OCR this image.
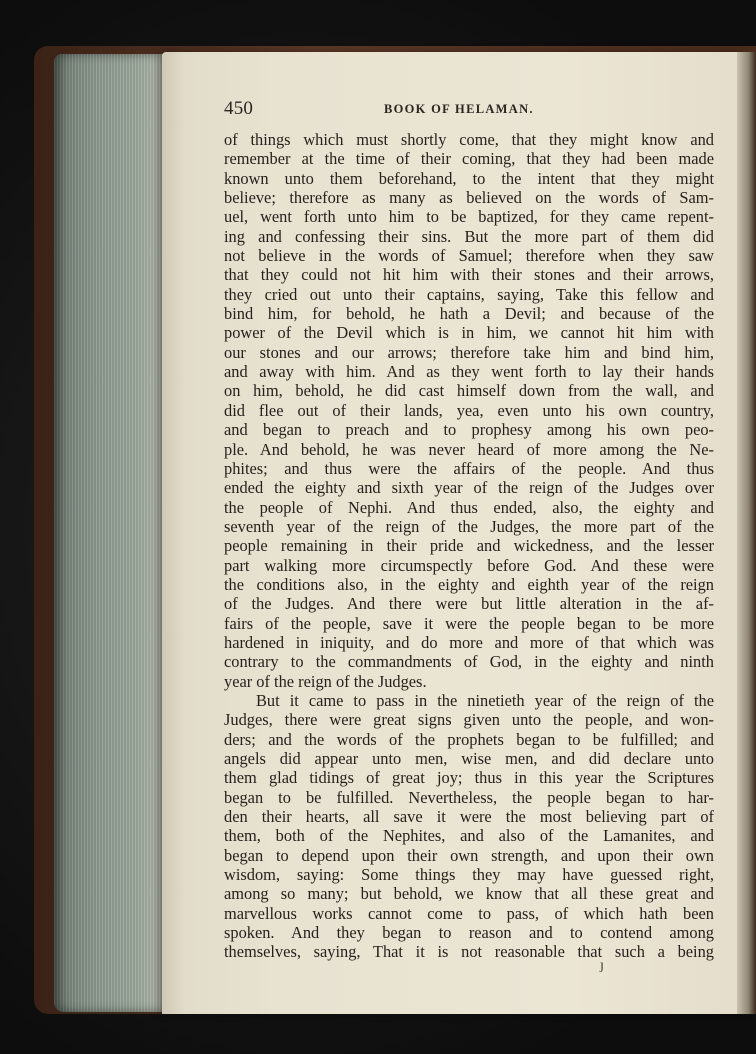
450	BOOK OF HELAMAN.
of things which must shortly come, that they might know and
remember at the time of their coming, that they had been made
known unto them beforehand, to the intent that they might
believe; therefore as many as believed on the words of Sam-
uel, went forth unto him to be baptized, for they came repent-
ing and confessing their sins. But the more part of them did
not believe in the words of Samuel; therefore when they saw
that they could not hit him with their stones and their arrows,
they cried out unto their captains, saying, Take this fellow and
bind him, for behold, he hath a Devil; and because of the
power of the Devil which is in him, we cannot hit him with
our stones and our arrows; therefore take him and bind him,
and away with him. And as they went forth to lay their hands
on him, behold, he did cast himself down from the wall, and
did flee out of their lands, yea, even unto his own country,
and began to preach and to prophesy among his own peo-
ple. And behold, he was never heard of more among the Ne-
phites; and thus were the affairs of the people. And thus
ended the eighty and sixth year of the reign of the Judges over
the people of Nephi. And thus ended, also, the eighty and
seventh year of the reign of the Judges, the more part of the
people remaining in their pride and wickedness, and the lesser
part walking more circumspectly before God. And these were
the conditions also, in the eighty and eighth year of the reign
of the Judges. And there were but little alteration in the af-
fairs of the people, save it were the people began to be more
hardened in iniquity, and do more and more of that which was
contrary to the commandments of God, in the eighty and ninth
year of the reign of the Judges.
But it came to pass in the ninetieth year of the reign of the
Judges, there were great signs given unto the people, and won-
ders; and the words of the prophets began to be fulfilled; and
angels did appear unto men, wise men, and did declare unto
them glad tidings of great joy; thus in this year the Scriptures
began to be fulfilled. Nevertheless, the people began to har-
den their hearts, all save it were the most believing part of
them, both of the Nephites, and also of the Lamanites, and
began to depend upon their own strength, and upon their own
wisdom, saying: Some things they may have guessed right,
among so many; but behold, we know that all these great and
marvellous works cannot come to pass, of which hath been
spoken. And they began to reason and to contend among
themselves, saying, That it is not reasonable that such a being
ȷ
